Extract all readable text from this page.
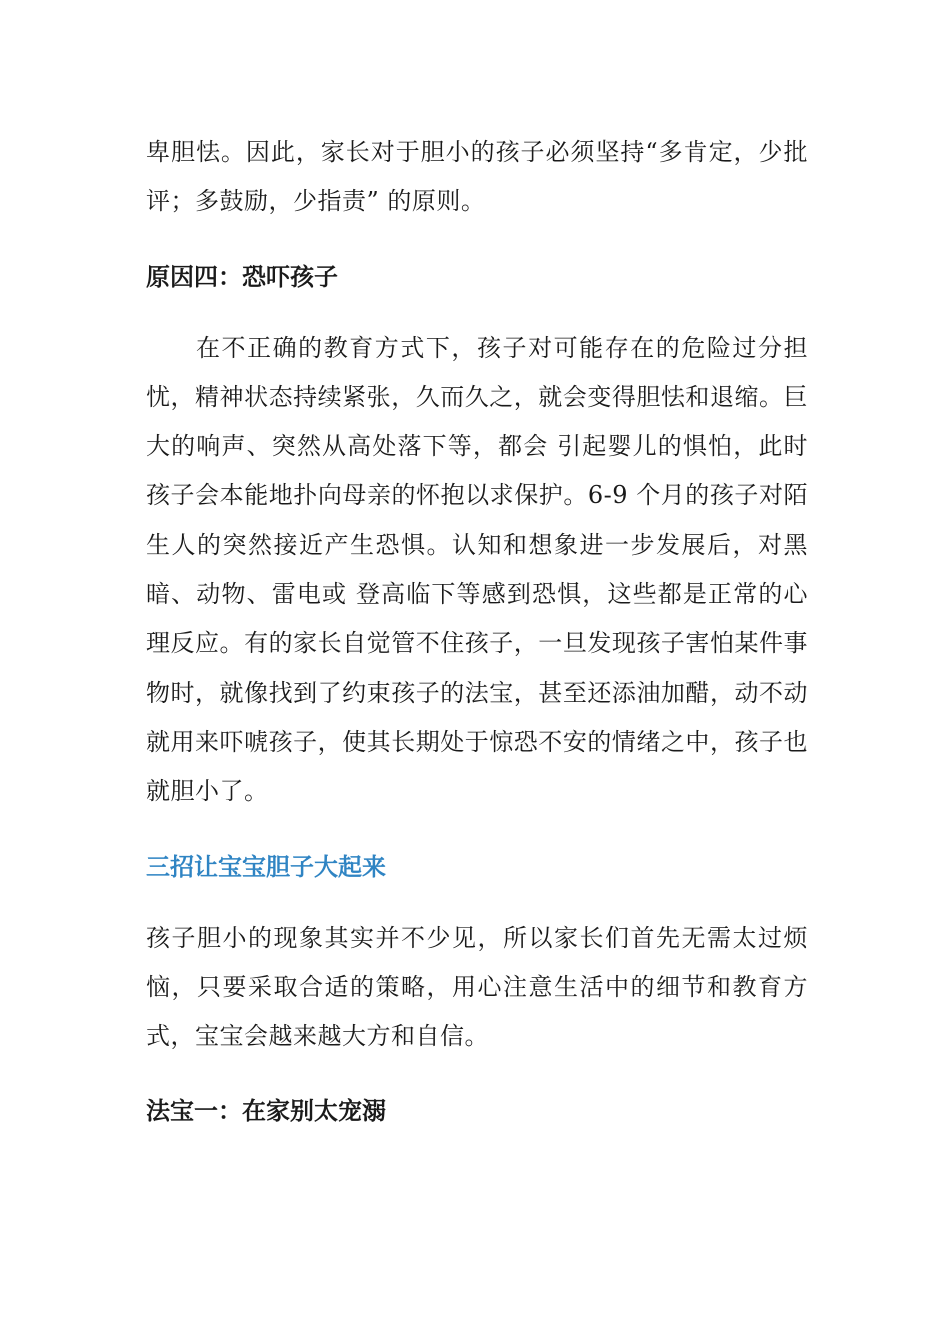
卑胆怯。因此，家长对于胆小的孩子必须坚持“多肯定，少批评；多鼓励，少指责” 的原则。

原因四：恐吓孩子

在不正确的教育方式下，孩子对可能存在的危险过分担忧，精神状态持续紧张，久而久之，就会变得胆怯和退缩。巨大的响声、突然从高处落下等，都会 引起婴儿的惧怕，此时孩子会本能地扑向母亲的怀抱以求保护。6-9 个月的孩子对陌生人的突然接近产生恐惧。认知和想象进一步发展后，对黑暗、动物、雷电或 登高临下等感到恐惧，这些都是正常的心理反应。有的家长自觉管不住孩子，一旦发现孩子害怕某件事物时，就像找到了约束孩子的法宝，甚至还添油加醋，动不动 就用来吓唬孩子，使其长期处于惊恐不安的情绪之中，孩子也就胆小了。

三招让宝宝胆子大起来

孩子胆小的现象其实并不少见，所以家长们首先无需太过烦恼，只要采取合适的策略，用心注意生活中的细节和教育方式，宝宝会越来越大方和自信。

法宝一：在家别太宠溺
